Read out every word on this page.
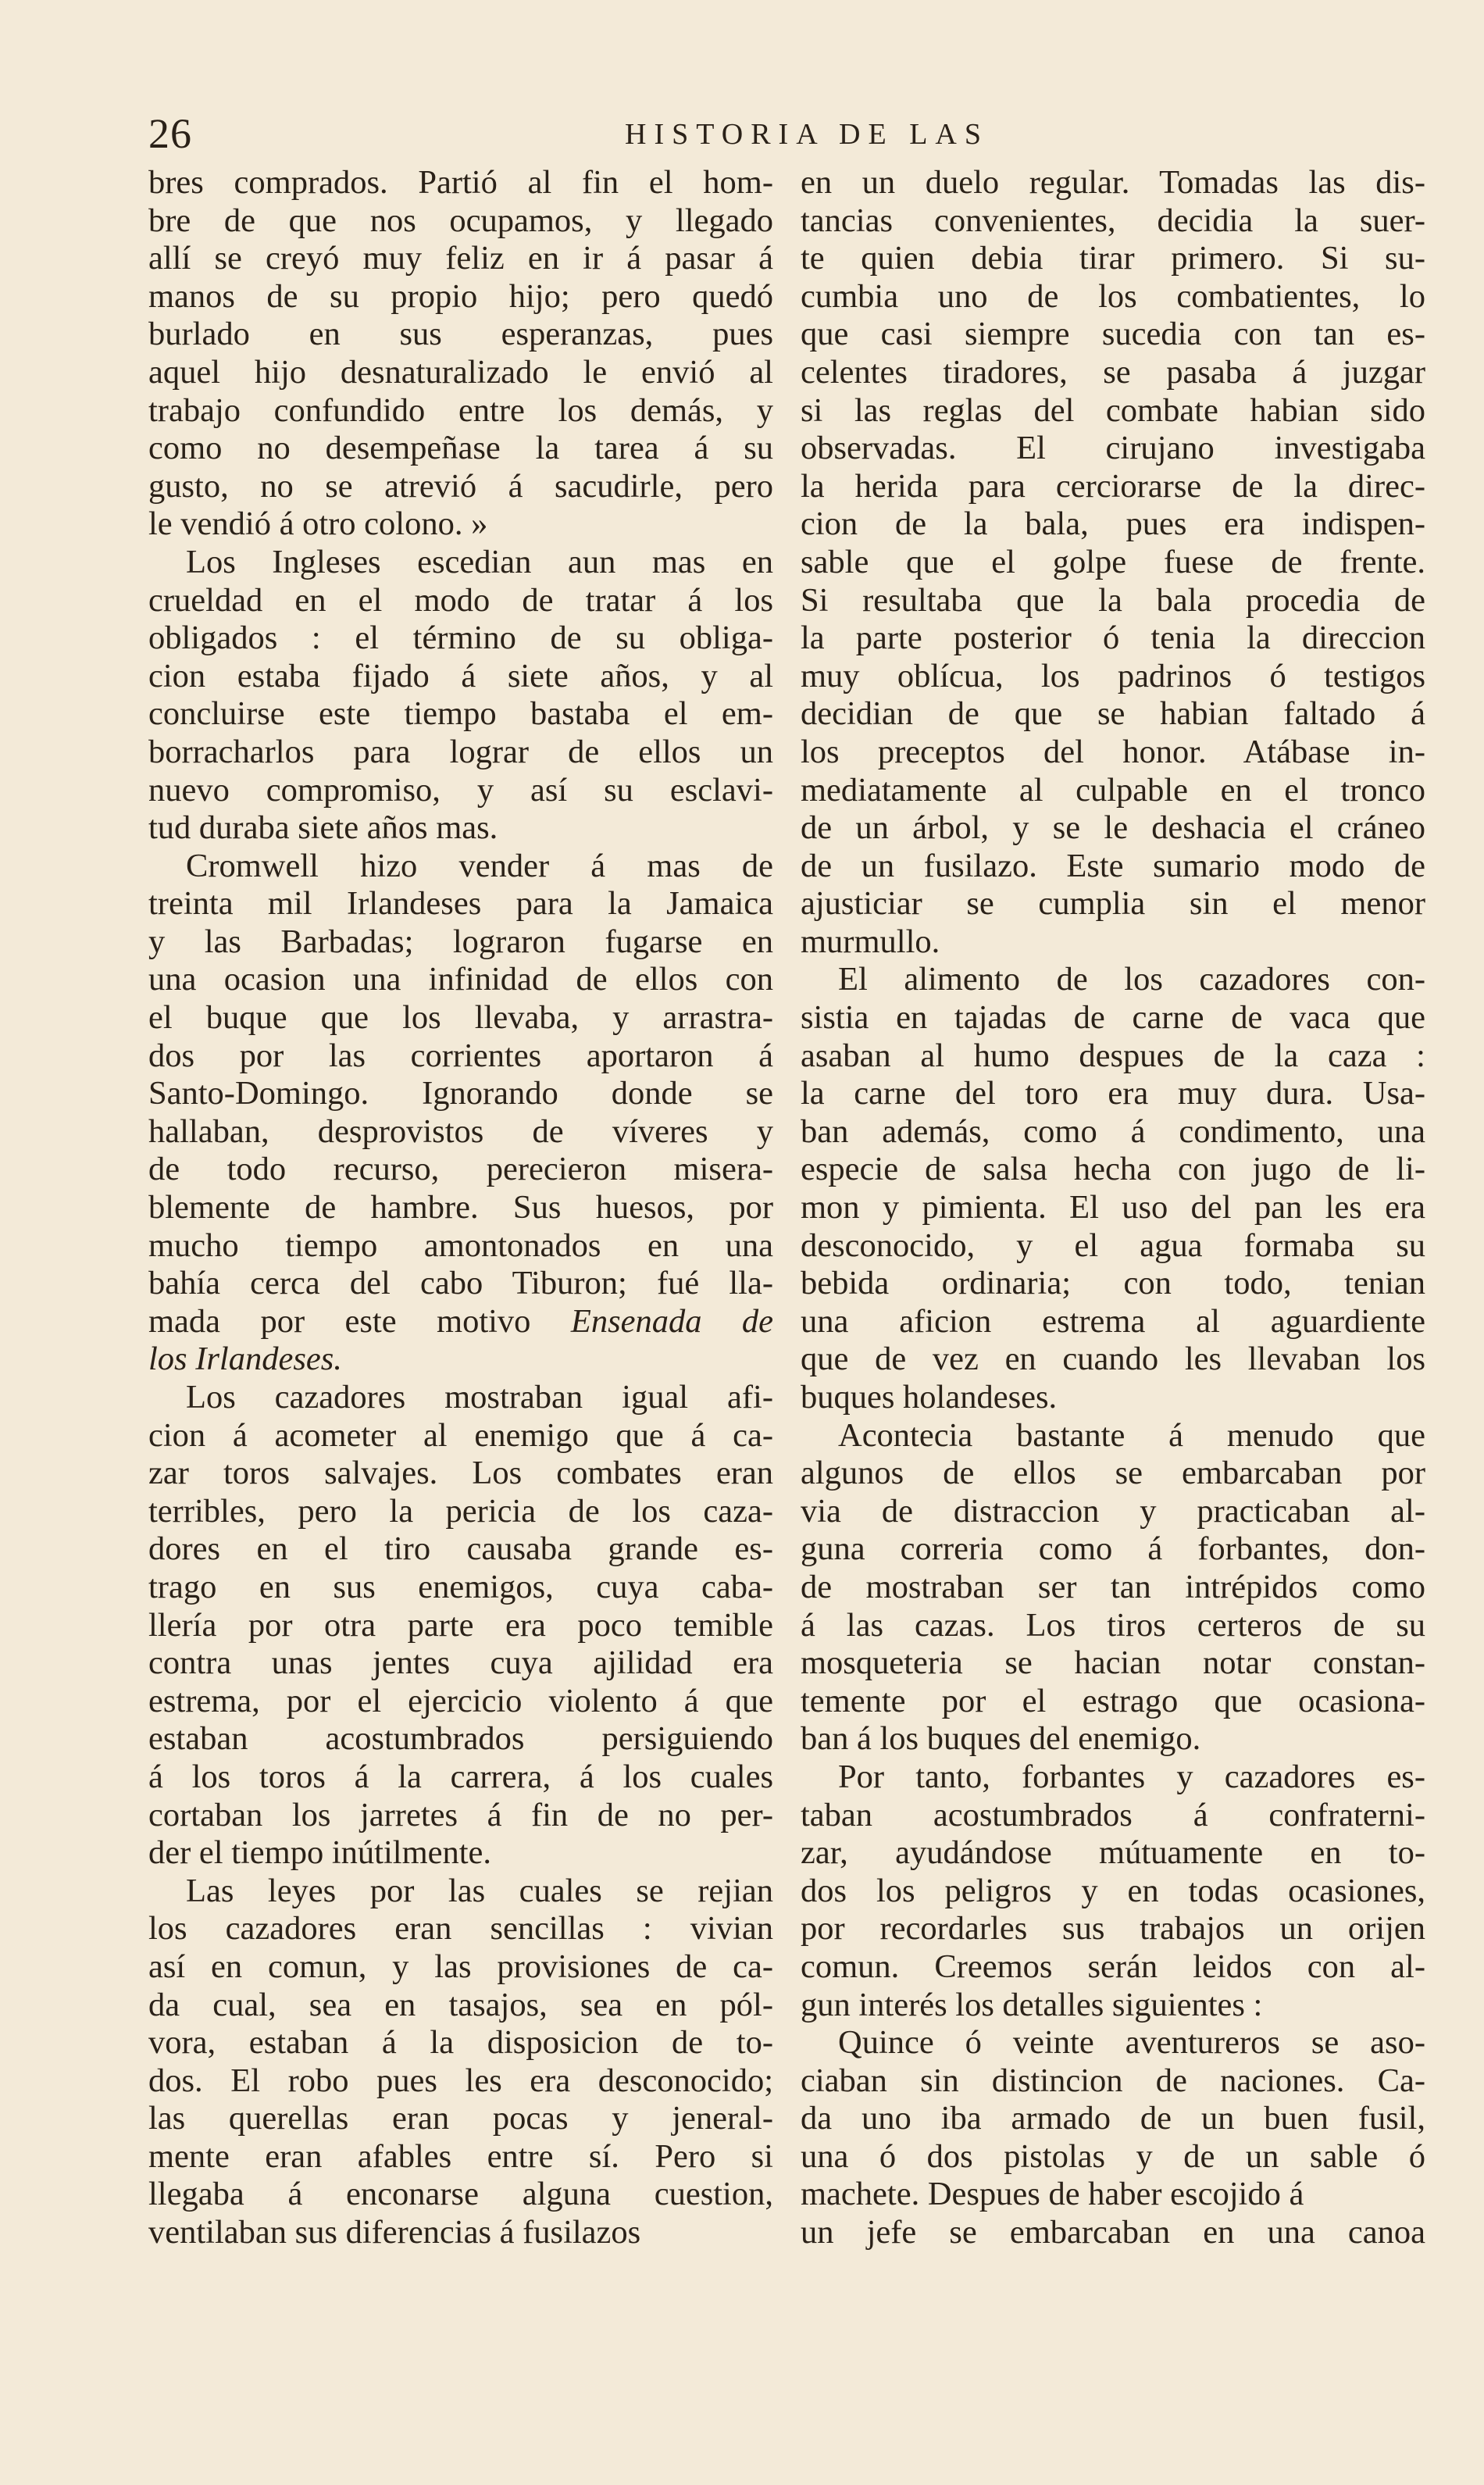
26	HISTORIA DE LAS
bres comprados. Partió al fin el hom-
bre de que nos ocupamos, y llegado
allí se creyó muy feliz en ir á pasar á
manos de su propio hijo; pero quedó
burlado en sus esperanzas, pues
aquel hijo desnaturalizado le envió al
trabajo confundido entre los demás, y
como no desempeñase la tarea á su
gusto, no se atrevió á sacudirle, pero
le vendió á otro colono. »
Los Ingleses escedian aun mas en
crueldad en el modo de tratar á los
obligados : el término de su obliga-
cion estaba fijado á siete años, y al
concluirse este tiempo bastaba el em-
borracharlos para lograr de ellos un
nuevo compromiso, y así su esclavi-
tud duraba siete años mas.
Cromwell hizo vender á mas de
treinta mil Irlandeses para la Jamaica
y las Barbadas; lograron fugarse en
una ocasion una infinidad de ellos con
el buque que los llevaba, y arrastra-
dos por las corrientes aportaron á
Santo-Domingo. Ignorando donde se
hallaban, desprovistos de víveres y
de todo recurso, perecieron misera-
blemente de hambre. Sus huesos, por
mucho tiempo amontonados en una
bahía cerca del cabo Tiburon; fué lla-
mada por este motivo Ensenada de
los Irlandeses.
Los cazadores mostraban igual afi-
cion á acometer al enemigo que á ca-
zar toros salvajes. Los combates eran
terribles, pero la pericia de los caza-
dores en el tiro causaba grande es-
trago en sus enemigos, cuya caba-
llería por otra parte era poco temible
contra unas jentes cuya ajilidad era
estrema, por el ejercicio violento á que
estaban acostumbrados persiguiendo
á los toros á la carrera, á los cuales
cortaban los jarretes á fin de no per-
der el tiempo inútilmente.
Las leyes por las cuales se rejian
los cazadores eran sencillas : vivian
así en comun, y las provisiones de ca-
da cual, sea en tasajos, sea en pól-
vora, estaban á la disposicion de to-
dos. El robo pues les era desconocido;
las querellas eran pocas y jeneral-
mente eran afables entre sí. Pero si
llegaba á enconarse alguna cuestion,
ventilaban sus diferencias á fusilazos
en un duelo regular. Tomadas las dis-
tancias convenientes, decidia la suer-
te quien debia tirar primero. Si su-
cumbia uno de los combatientes, lo
que casi siempre sucedia con tan es-
celentes tiradores, se pasaba á juzgar
si las reglas del combate habian sido
observadas. El cirujano investigaba
la herida para cerciorarse de la direc-
cion de la bala, pues era indispen-
sable que el golpe fuese de frente.
Si resultaba que la bala procedia de
la parte posterior ó tenia la direccion
muy oblícua, los padrinos ó testigos
decidian de que se habian faltado á
los preceptos del honor. Atábase in-
mediatamente al culpable en el tronco
de un árbol, y se le deshacia el cráneo
de un fusilazo. Este sumario modo de
ajusticiar se cumplia sin el menor
murmullo.
El alimento de los cazadores con-
sistia en tajadas de carne de vaca que
asaban al humo despues de la caza :
la carne del toro era muy dura. Usa-
ban además, como á condimento, una
especie de salsa hecha con jugo de li-
mon y pimienta. El uso del pan les era
desconocido, y el agua formaba su
bebida ordinaria; con todo, tenian
una aficion estrema al aguardiente
que de vez en cuando les llevaban los
buques holandeses.
Acontecia bastante á menudo que
algunos de ellos se embarcaban por
via de distraccion y practicaban al-
guna correria como á forbantes, don-
de mostraban ser tan intrépidos como
á las cazas. Los tiros certeros de su
mosqueteria se hacian notar constan-
temente por el estrago que ocasiona-
ban á los buques del enemigo.
Por tanto, forbantes y cazadores es-
taban acostumbrados á confraterni-
zar, ayudándose mútuamente en to-
dos los peligros y en todas ocasiones,
por recordarles sus trabajos un orijen
comun. Creemos serán leidos con al-
gun interés los detalles siguientes :
Quince ó veinte aventureros se aso-
ciaban sin distincion de naciones. Ca-
da uno iba armado de un buen fusil,
una ó dos pistolas y de un sable ó
machete. Despues de haber escojido á
un jefe se embarcaban en una canoa
